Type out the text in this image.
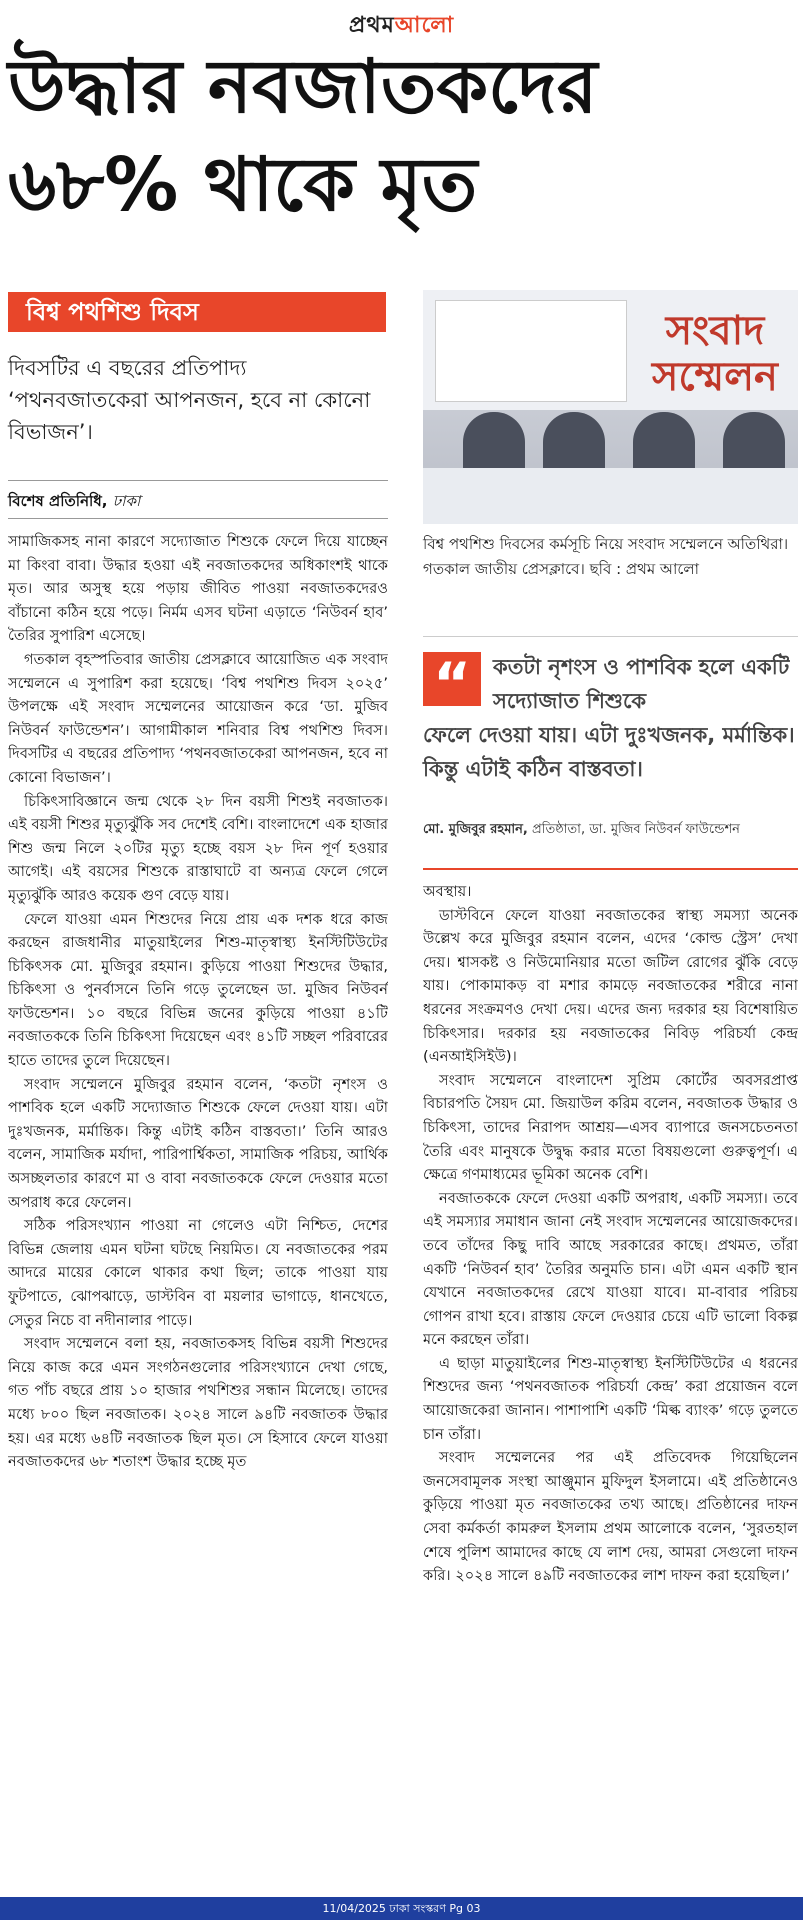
প্রথমআলো
উদ্ধার নবজাতকদের
৬৮% থাকে মৃত
বিশ্ব পথশিশু দিবস
দিবসটির এ বছরের প্রতিপাদ্য ‘পথনবজাতকেরা আপনজন, হবে না কোনো বিভাজন’।
বিশেষ প্রতিনিধি, ঢাকা

সামাজিকসহ নানা কারণে সদ্যোজাত শিশুকে ফেলে দিয়ে যাচ্ছেন মা কিংবা বাবা। উদ্ধার হওয়া এই নবজাতকদের অধিকাংশই থাকে মৃত। আর অসুস্থ হয়ে পড়ায় জীবিত পাওয়া নবজাতকদেরও বাঁচানো কঠিন হয়ে পড়ে। নির্মম এসব ঘটনা এড়াতে ‘নিউবর্ন হাব’ তৈরির সুপারিশ এসেছে।

গতকাল বৃহস্পতিবার জাতীয় প্রেসক্লাবে আয়োজিত এক সংবাদ সম্মেলনে এ সুপারিশ করা হয়েছে। ‘বিশ্ব পথশিশু দিবস ২০২৫’ উপলক্ষে এই সংবাদ সম্মেলনের আয়োজন করে ‘ডা. মুজিব নিউবর্ন ফাউন্ডেশন’। আগামীকাল শনিবার বিশ্ব পথশিশু দিবস। দিবসটির এ বছরের প্রতিপাদ্য ‘পথনবজাতকেরা আপনজন, হবে না কোনো বিভাজন’।

চিকিৎসাবিজ্ঞানে জন্ম থেকে ২৮ দিন বয়সী শিশুই নবজাতক। এই বয়সী শিশুর মৃত্যুঝুঁকি সব দেশেই বেশি। বাংলাদেশে এক হাজার শিশু জন্ম নিলে ২০টির মৃত্যু হচ্ছে বয়স ২৮ দিন পূর্ণ হওয়ার আগেই। এই বয়সের শিশুকে রাস্তাঘাটে বা অন্যত্র ফেলে গেলে মৃত্যুঝুঁকি আরও কয়েক গুণ বেড়ে যায়।

ফেলে যাওয়া এমন শিশুদের নিয়ে প্রায় এক দশক ধরে কাজ করছেন রাজধানীর মাতুয়াইলের শিশু-মাতৃস্বাস্থ্য ইনস্টিটিউটের চিকিৎসক মো. মুজিবুর রহমান। কুড়িয়ে পাওয়া শিশুদের উদ্ধার, চিকিৎসা ও পুনর্বাসনে তিনি গড়ে তুলেছেন ডা. মুজিব নিউবর্ন ফাউন্ডেশন। ১০ বছরে বিভিন্ন জনের কুড়িয়ে পাওয়া ৪১টি নবজাতককে তিনি চিকিৎসা দিয়েছেন এবং ৪১টি সচ্ছল পরিবারের হাতে তাদের তুলে দিয়েছেন।

সংবাদ সম্মেলনে মুজিবুর রহমান বলেন, ‘কতটা নৃশংস ও পাশবিক হলে একটি সদ্যোজাত শিশুকে ফেলে দেওয়া যায়। এটা দুঃখজনক, মর্মান্তিক। কিন্তু এটাই কঠিন বাস্তবতা।’ তিনি আরও বলেন, সামাজিক মর্যাদা, পারিপার্শ্বিকতা, সামাজিক পরিচয়, আর্থিক অসচ্ছলতার কারণে মা ও বাবা নবজাতককে ফেলে দেওয়ার মতো অপরাধ করে ফেলেন।

সঠিক পরিসংখ্যান পাওয়া না গেলেও এটা নিশ্চিত, দেশের বিভিন্ন জেলায় এমন ঘটনা ঘটছে নিয়মিত। যে নবজাতকের পরম আদরে মায়ের কোলে থাকার কথা ছিল; তাকে পাওয়া যায় ফুটপাতে, ঝোপঝাড়ে, ডাস্টবিন বা ময়লার ভাগাড়ে, ধানখেতে, সেতুর নিচে বা নদীনালার পাড়ে।

সংবাদ সম্মেলনে বলা হয়, নবজাতকসহ বিভিন্ন বয়সী শিশুদের নিয়ে কাজ করে এমন সংগঠনগুলোর পরিসংখ্যানে দেখা গেছে, গত পাঁচ বছরে প্রায় ১০ হাজার পথশিশুর সন্ধান মিলেছে। তাদের মধ্যে ৮০০ ছিল নবজাতক। ২০২৪ সালে ৯৪টি নবজাতক উদ্ধার হয়। এর মধ্যে ৬৪টি নবজাতক ছিল মৃত। সে হিসাবে ফেলে যাওয়া নবজাতকদের ৬৮ শতাংশ উদ্ধার হচ্ছে মৃত

সংবাদ সম্মেলন
বিশ্ব পথশিশু দিবসের কর্মসূচি নিয়ে সংবাদ সম্মেলনে অতিথিরা। গতকাল জাতীয় প্রেসক্লাবে। ছবি : প্রথম আলো
“	কতটা নৃশংস ও পাশবিক হলে একটি সদ্যোজাত শিশুকে
ফেলে দেওয়া যায়। এটা দুঃখজনক, মর্মান্তিক। কিন্তু এটাই কঠিন বাস্তবতা।
মো. মুজিবুর রহমান, প্রতিষ্ঠাতা, ডা. মুজিব নিউবর্ন ফাউন্ডেশন

অবস্থায়।

ডাস্টবিনে ফেলে যাওয়া নবজাতকের স্বাস্থ্য সমস্যা অনেক উল্লেখ করে মুজিবুর রহমান বলেন, এদের ‘কোল্ড স্ট্রেস’ দেখা দেয়। শ্বাসকষ্ট ও নিউমোনিয়ার মতো জটিল রোগের ঝুঁকি বেড়ে যায়। পোকামাকড় বা মশার কামড়ে নবজাতকের শরীরে নানা ধরনের সংক্রমণও দেখা দেয়। এদের জন্য দরকার হয় বিশেষায়িত চিকিৎসার। দরকার হয় নবজাতকের নিবিড় পরিচর্যা কেন্দ্র (এনআইসিইউ)।

সংবাদ সম্মেলনে বাংলাদেশ সুপ্রিম কোর্টের অবসরপ্রাপ্ত বিচারপতি সৈয়দ মো. জিয়াউল করিম বলেন, নবজাতক উদ্ধার ও চিকিৎসা, তাদের নিরাপদ আশ্রয়—এসব ব্যাপারে জনসচেতনতা তৈরি এবং মানুষকে উদ্বুদ্ধ করার মতো বিষয়গুলো গুরুত্বপূর্ণ। এ ক্ষেত্রে গণমাধ্যমের ভূমিকা অনেক বেশি।

নবজাতককে ফেলে দেওয়া একটি অপরাধ, একটি সমস্যা। তবে এই সমস্যার সমাধান জানা নেই সংবাদ সম্মেলনের আয়োজকদের। তবে তাঁদের কিছু দাবি আছে সরকারের কাছে। প্রথমত, তাঁরা একটি ‘নিউবর্ন হাব’ তৈরির অনুমতি চান। এটা এমন একটি স্থান যেখানে নবজাতকদের রেখে যাওয়া যাবে। মা-বাবার পরিচয় গোপন রাখা হবে। রাস্তায় ফেলে দেওয়ার চেয়ে এটি ভালো বিকল্প মনে করছেন তাঁরা।

এ ছাড়া মাতুয়াইলের শিশু-মাতৃস্বাস্থ্য ইনস্টিটিউটের এ ধরনের শিশুদের জন্য ‘পথনবজাতক পরিচর্যা কেন্দ্র’ করা প্রয়োজন বলে আয়োজকেরা জানান। পাশাপাশি একটি ‘মিল্ক ব্যাংক’ গড়ে তুলতে চান তাঁরা।

সংবাদ সম্মেলনের পর এই প্রতিবেদক গিয়েছিলেন জনসেবামূলক সংস্থা আঞ্জুমান মুফিদুল ইসলামে। এই প্রতিষ্ঠানেও কুড়িয়ে পাওয়া মৃত নবজাতকের তথ্য আছে। প্রতিষ্ঠানের দাফন সেবা কর্মকর্তা কামরুল ইসলাম প্রথম আলোকে বলেন, ‘সুরতহাল শেষে পুলিশ আমাদের কাছে যে লাশ দেয়, আমরা সেগুলো দাফন করি। ২০২৪ সালে ৪৯টি নবজাতকের লাশ দাফন করা হয়েছিল।’

11/04/2025 ঢাকা সংস্করণ Pg 03
